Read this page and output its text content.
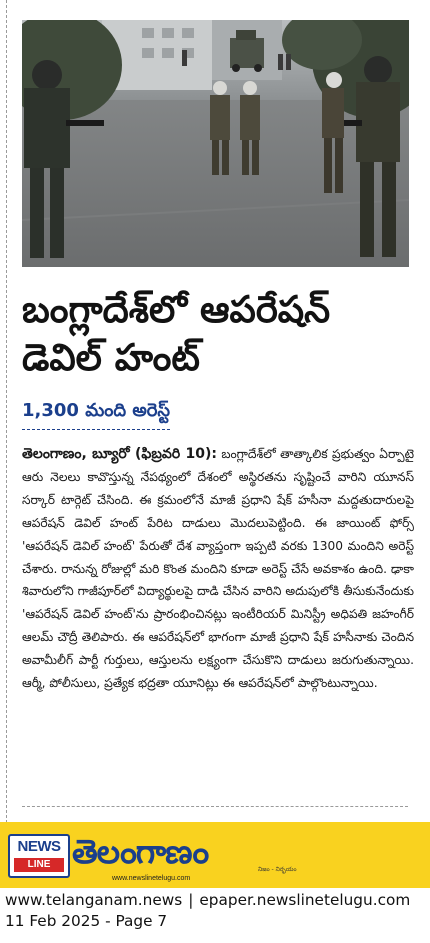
బంగ్లాదేశ్‌లో ఆపరేషన్
డెవిల్ హంట్
1,300 మంది అరెస్ట్

తెలంగాణం, బ్యూరో (ఫిబ్రవరి 10): బంగ్లాదేశ్‌లో తాత్కాలిక ప్రభుత్వం ఏర్పాటై ఆరు నెలలు కావొస్తున్న నేపథ్యంలో దేశంలో అస్థిరతను సృష్టించే వారిని యూనస్ సర్కార్ టార్గెట్ చేసింది. ఈ క్రమంలోనే మాజీ ప్రధాని షేక్ హసీనా మద్దతుదారులపై ఆపరేషన్ డెవిల్ హంట్ పేరిట దాడులు మొదలుపెట్టింది. ఈ జాయింట్ ఫోర్స్ 'ఆపరేషన్ డెవిల్ హంట్' పేరుతో దేశ వ్యాప్తంగా ఇప్పటి వరకు 1300 మందిని అరెస్ట్ చేశారు. రానున్న రోజుల్లో మరి కొంత మందిని కూడా అరెస్ట్ చేసే అవకాశం ఉంది. ఢాకా శివారులోని గాజీపూర్‌లో విద్యార్థులపై దాడి చేసిన వారిని అదుపులోకి తీసుకునేందుకు 'ఆపరేషన్ డెవిల్ హంట్'ను ప్రారంభించినట్లు ఇంటీరియర్ మినిస్ట్రీ అధిపతి జహంగీర్ ఆలమ్ చౌద్రీ తెలిపారు. ఈ ఆపరేషన్‌లో భాగంగా మాజీ ప్రధాని షేక్ హసీనాకు చెందిన అవామీలీగ్ పార్టీ గుర్తులు, ఆస్తులను లక్ష్యంగా చేసుకొని దాడులు జరుగుతున్నాయి. ఆర్మీ, పోలీసులు, ప్రత్యేక భద్రతా యూనిట్లు ఈ ఆపరేషన్‌లో పాల్గొంటున్నాయి.

NEWS
LINE తెలంగాణం	నిజం - నిర్భయం
www.newslinetelugu.com
www.telanganam.news | epaper.newslinetelugu.com
11 Feb 2025 - Page 7
